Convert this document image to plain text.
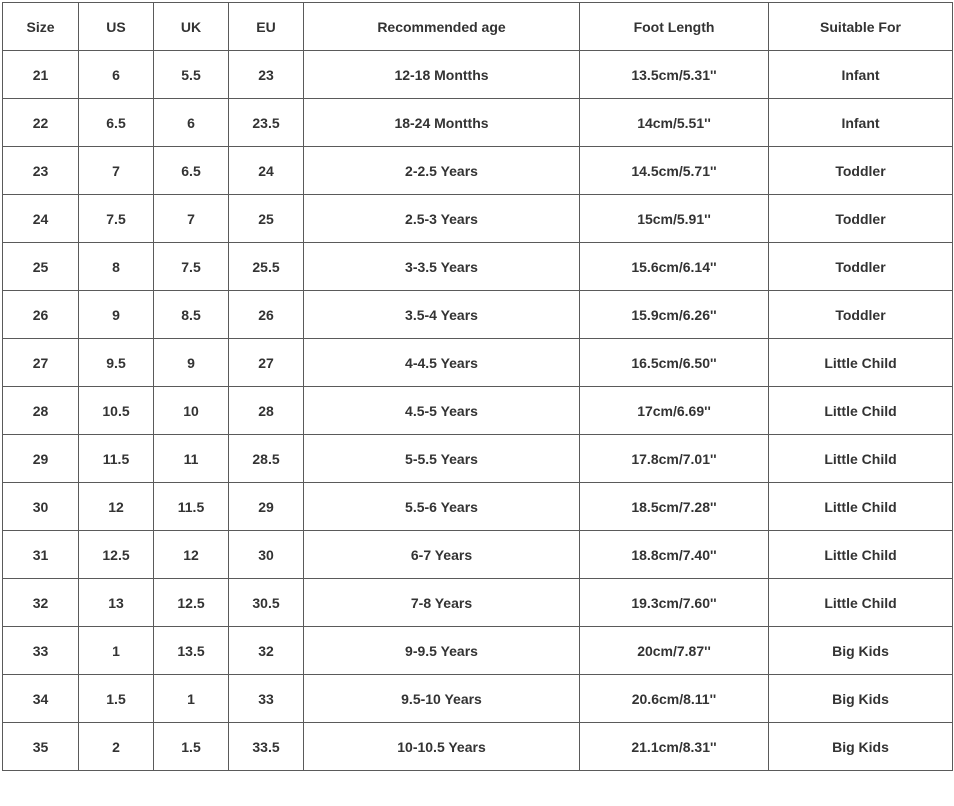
Size	US	UK	EU	Recommended age	Foot Length	Suitable For
21	6	5.5	23	12-18 Montths	13.5cm/5.31''	Infant
22	6.5	6	23.5	18-24 Montths	14cm/5.51''	Infant
23	7	6.5	24	2-2.5 Years	14.5cm/5.71''	Toddler
24	7.5	7	25	2.5-3 Years	15cm/5.91''	Toddler
25	8	7.5	25.5	3-3.5 Years	15.6cm/6.14''	Toddler
26	9	8.5	26	3.5-4 Years	15.9cm/6.26''	Toddler
27	9.5	9	27	4-4.5 Years	16.5cm/6.50''	Little Child
28	10.5	10	28	4.5-5 Years	17cm/6.69''	Little Child
29	11.5	11	28.5	5-5.5 Years	17.8cm/7.01''	Little Child
30	12	11.5	29	5.5-6 Years	18.5cm/7.28''	Little Child
31	12.5	12	30	6-7 Years	18.8cm/7.40''	Little Child
32	13	12.5	30.5	7-8 Years	19.3cm/7.60''	Little Child
33	1	13.5	32	9-9.5 Years	20cm/7.87''	Big Kids
34	1.5	1	33	9.5-10 Years	20.6cm/8.11''	Big Kids
35	2	1.5	33.5	10-10.5 Years	21.1cm/8.31''	Big Kids
